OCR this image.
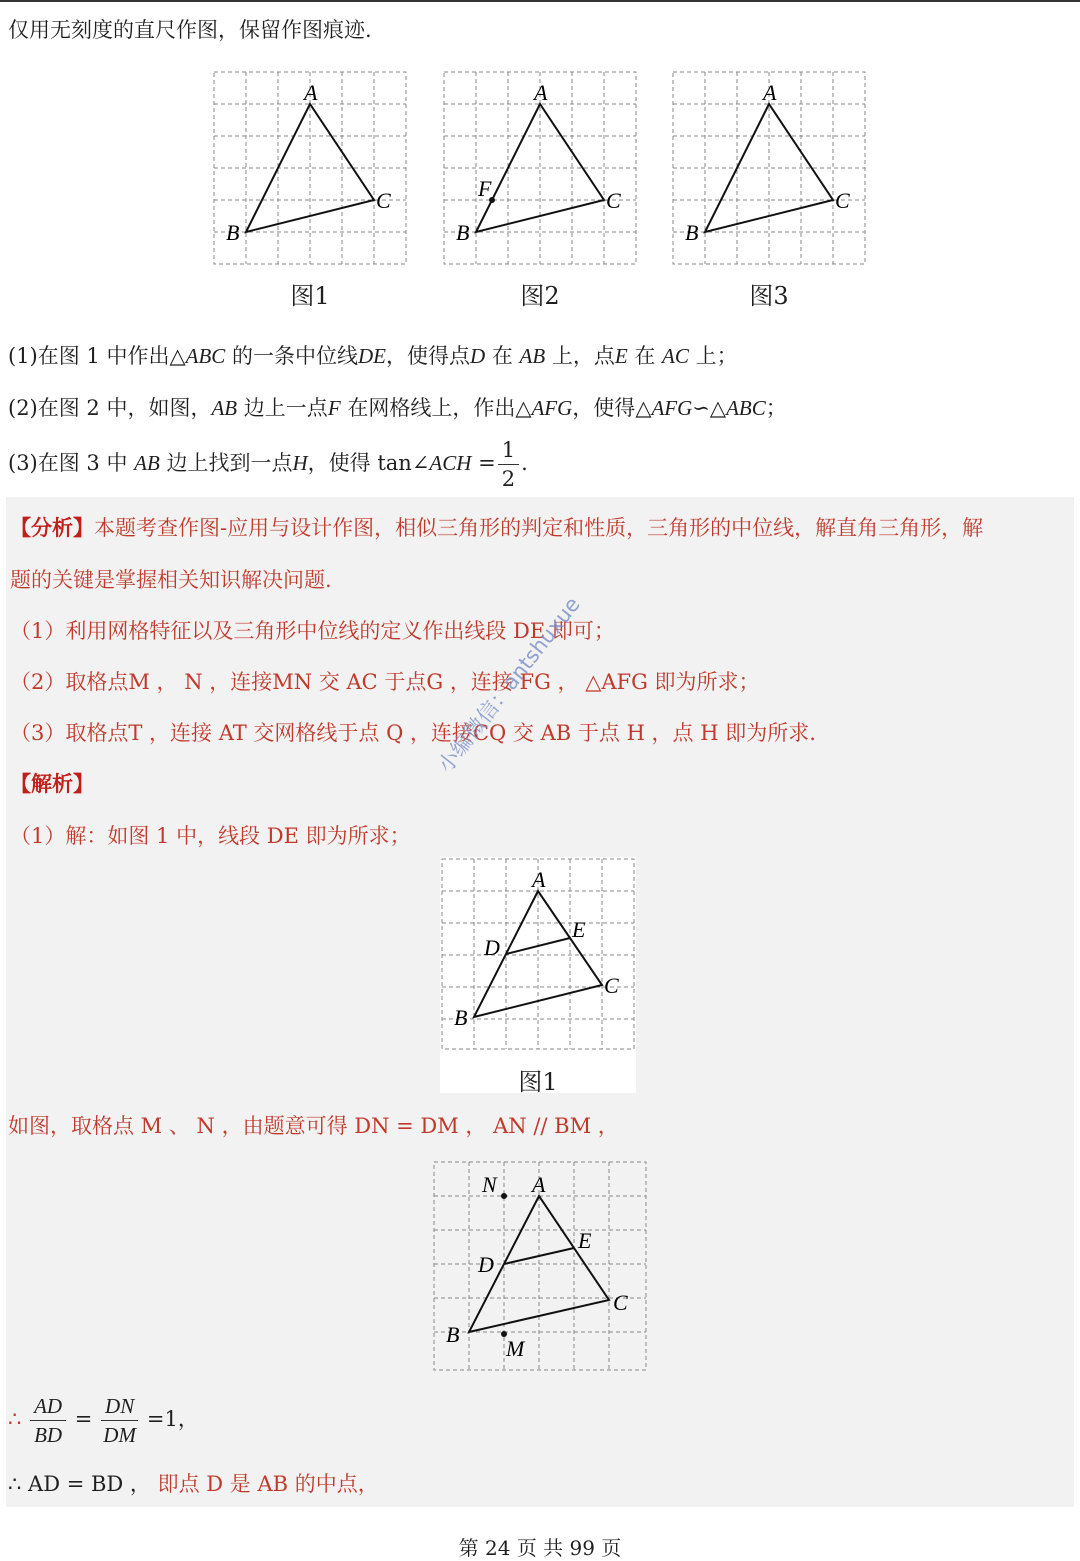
仅用无刻度的直尺作图，保留作图痕迹.
A
B
C
图1
A
B
C
F
图2
A
B
C
图3
(1)在图 1 中作出△ABC 的一条中位线DE，使得点D 在 AB 上，点E 在 AC 上；
(2)在图 2 中，如图，AB 边上一点F 在网格线上，作出△AFG，使得△AFG∽△ABC；
(3)在图 3 中 AB 边上找到一点H，使得 tan∠ACH = $\frac{1}{2}$ .
【分析】本题考查作图-应用与设计作图，相似三角形的判定和性质，三角形的中位线，解直角三角形，解
题的关键是掌握相关知识解决问题.
（1）利用网格特征以及三角形中位线的定义作出线段 DE 即可；
（2）取格点M ， N ，连接MN 交 AC 于点G ，连接 FG ， △AFG 即为所求；
（3）取格点T ，连接 AT 交网格线于点 Q ，连接CQ 交 AB 于点 H ，点 H 即为所求.
【解析】
（1）解：如图 1 中，线段 DE 即为所求；
A
B
C
D
E
图1
如图，取格点 M 、 N ，由题意可得 DN = DM ， AN // BM ，
N A
E
D
C
B
M
∴ $\frac{AD}{BD} = \frac{DN}{DM} =1$，
∴ AD = BD ， 即点 D 是 AB 的中点，
小编微信：antshuxue
第 24 页 共 99 页
